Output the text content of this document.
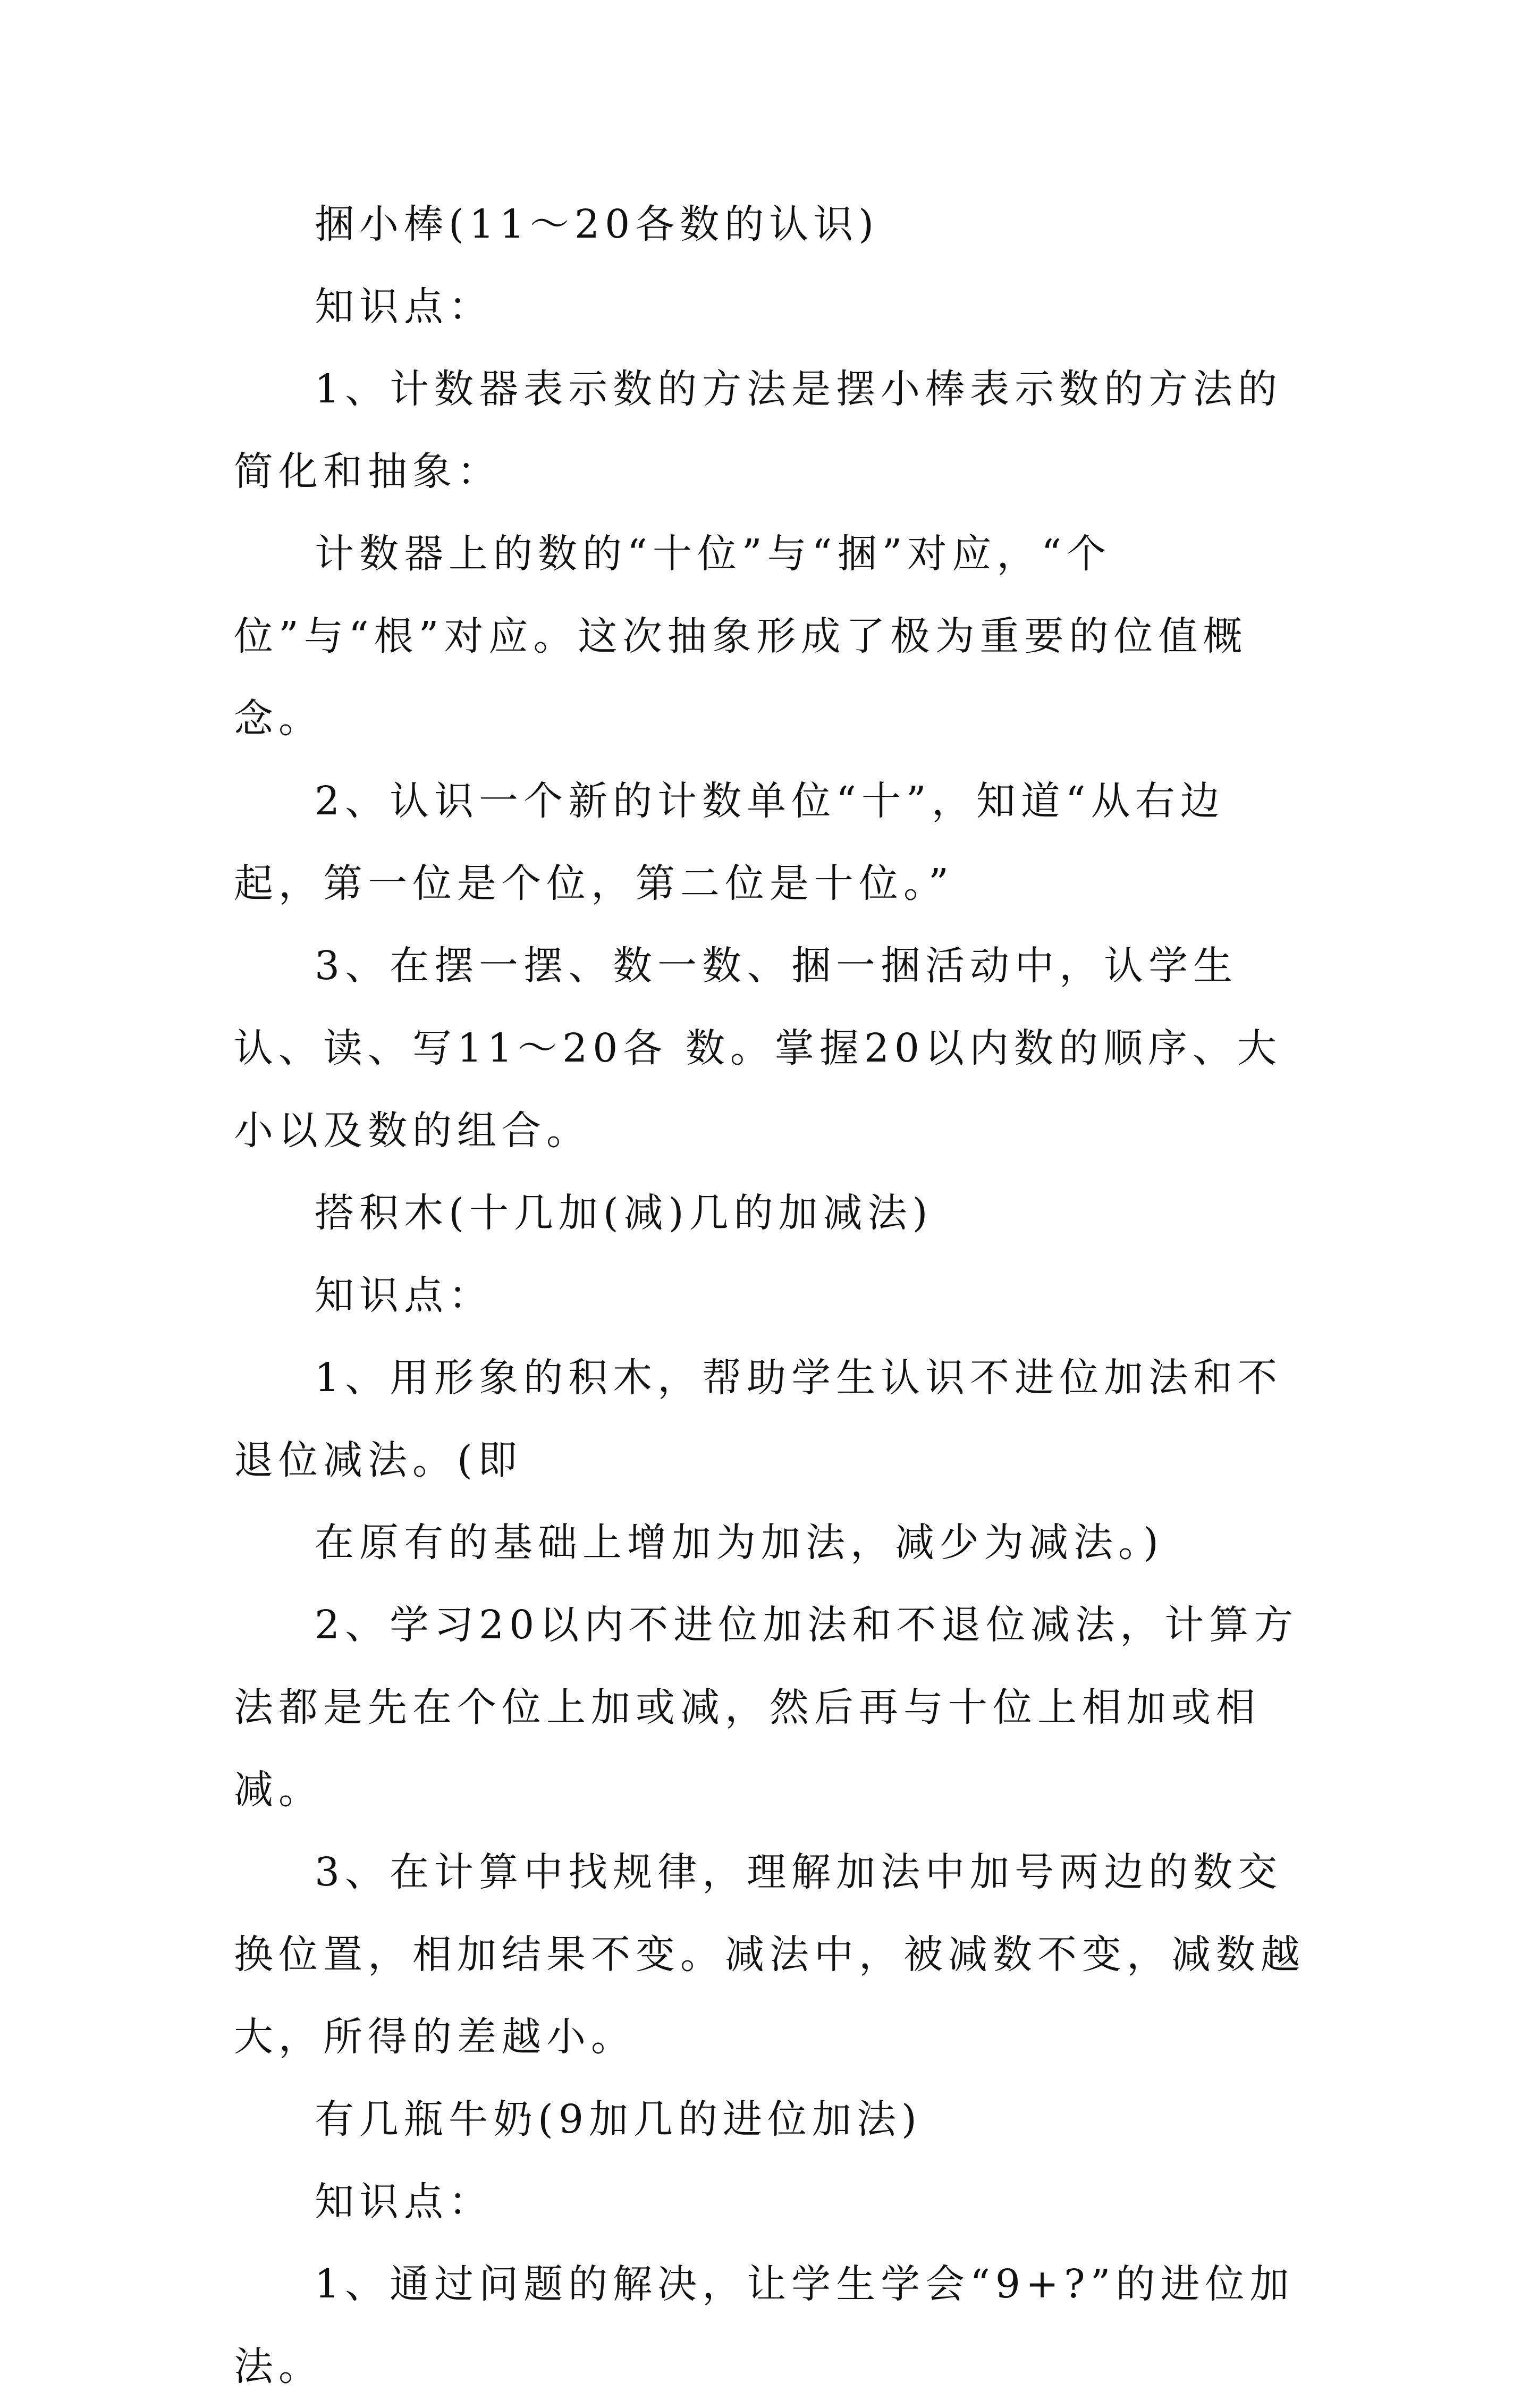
捆小棒(11～20各数的认识)

知识点：

1、计数器表示数的方法是摆小棒表示数的方法的简化和抽象：

计数器上的数的“十位”与“捆”对应，“个位”与“根”对应。这次抽象形成了极为重要的位值概念。

2、认识一个新的计数单位“十”，知道“从右边起，第一位是个位，第二位是十位。”

3、在摆一摆、数一数、捆一捆活动中，认学生认、读、写11～20各 数。掌握20以内数的顺序、大小以及数的组合。

搭积木(十几加(减)几的加减法)

知识点：

1、用形象的积木，帮助学生认识不进位加法和不退位减法。(即

在原有的基础上增加为加法，减少为减法。)

2、学习20以内不进位加法和不退位减法，计算方法都是先在个位上加或减，然后再与十位上相加或相减。

3、在计算中找规律，理解加法中加号两边的数交换位置，相加结果不变。减法中，被减数不变，减数越大，所得的差越小。

有几瓶牛奶(9加几的进位加法)

知识点：

1、通过问题的解决，让学生学会“9+?”的进位加法。
